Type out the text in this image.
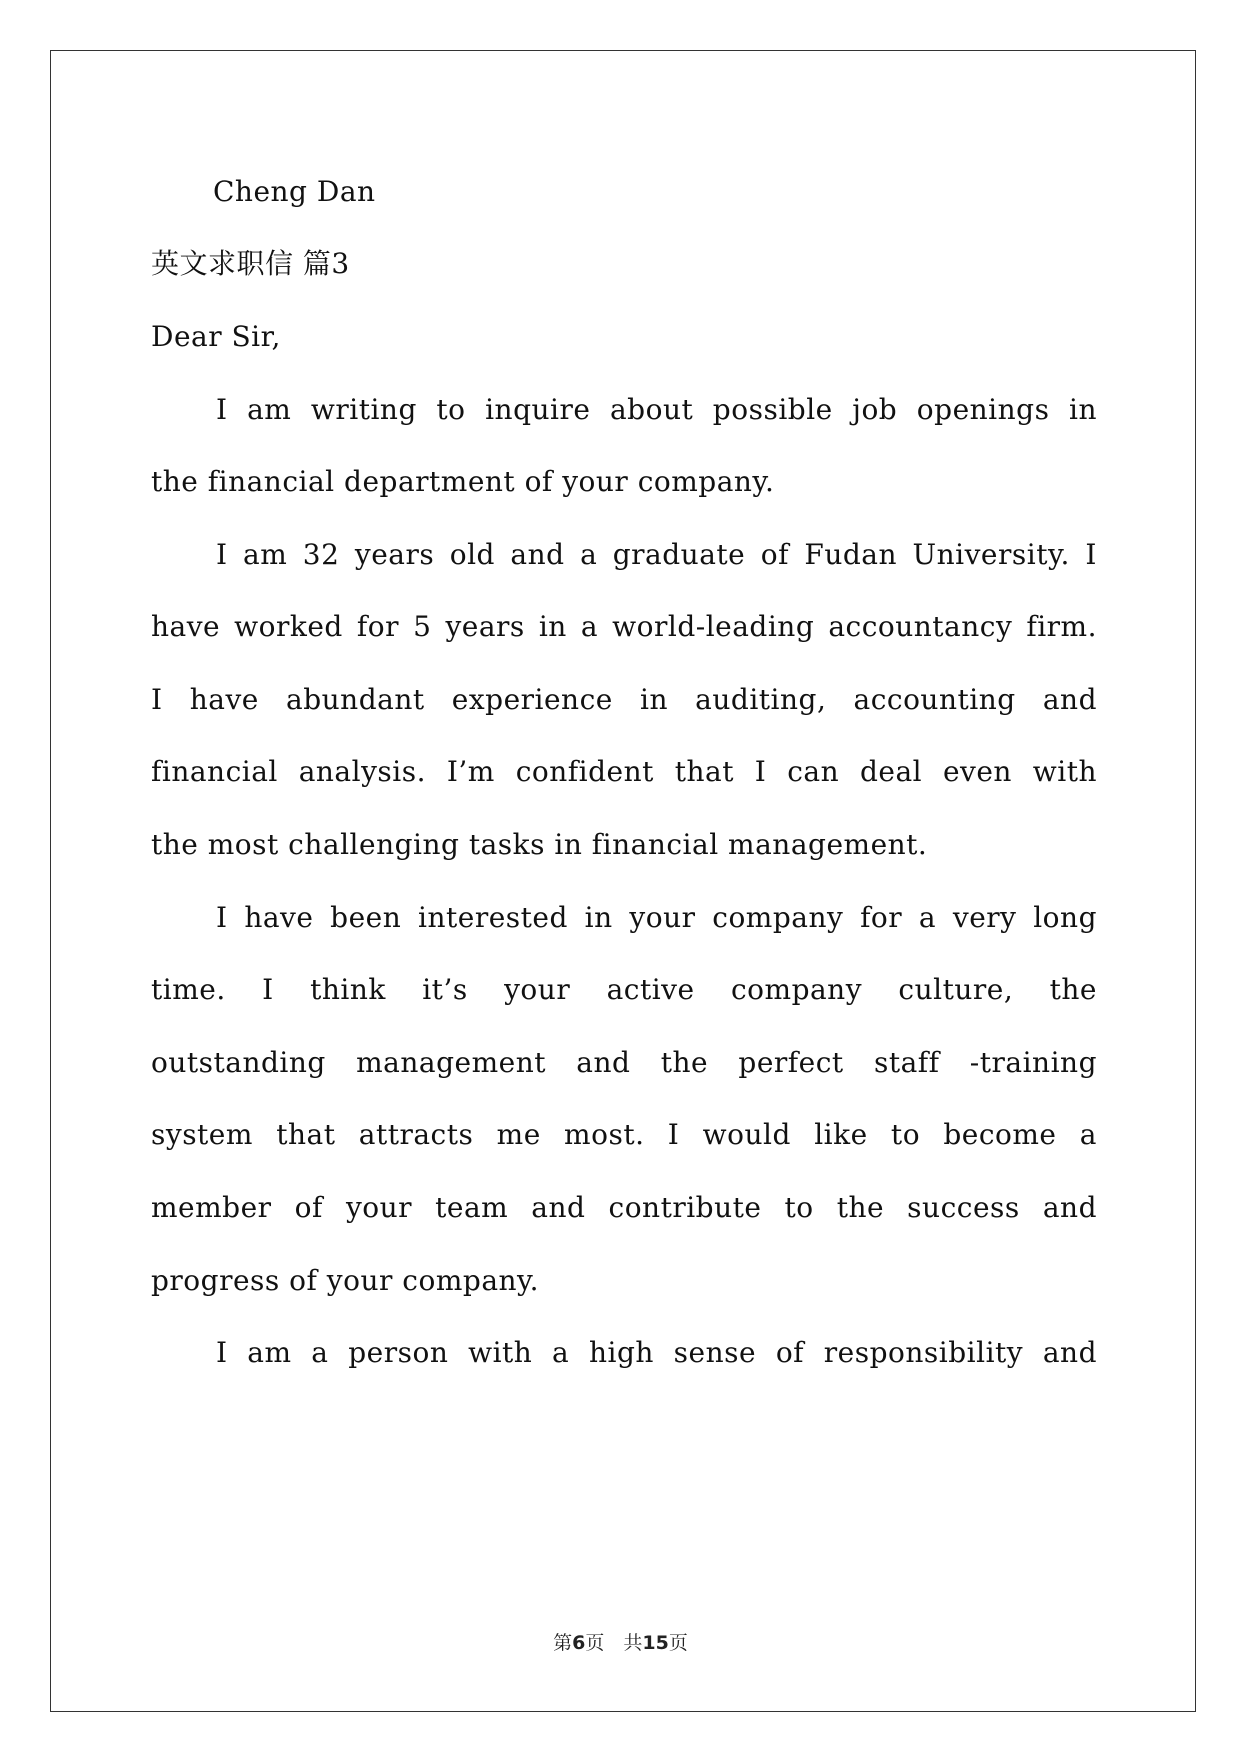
Cheng Dan
英文求职信 篇3
Dear Sir,
I am writing to inquire about possible job openings in
the financial department of your company.
I am 32 years old and a graduate of Fudan University. I
have worked for 5 years in a world-leading accountancy firm.
I have abundant experience in auditing, accounting and
financial analysis. I’m confident that I can deal even with
the most challenging tasks in financial management.
I have been interested in your company for a very long
time. I think it’s your active company culture, the
outstanding management and the perfect staff -training
system that attracts me most. I would like to become a
member of your team and contribute to the success and
progress of your company.
I am a person with a high sense of responsibility and
第6页　共15页
